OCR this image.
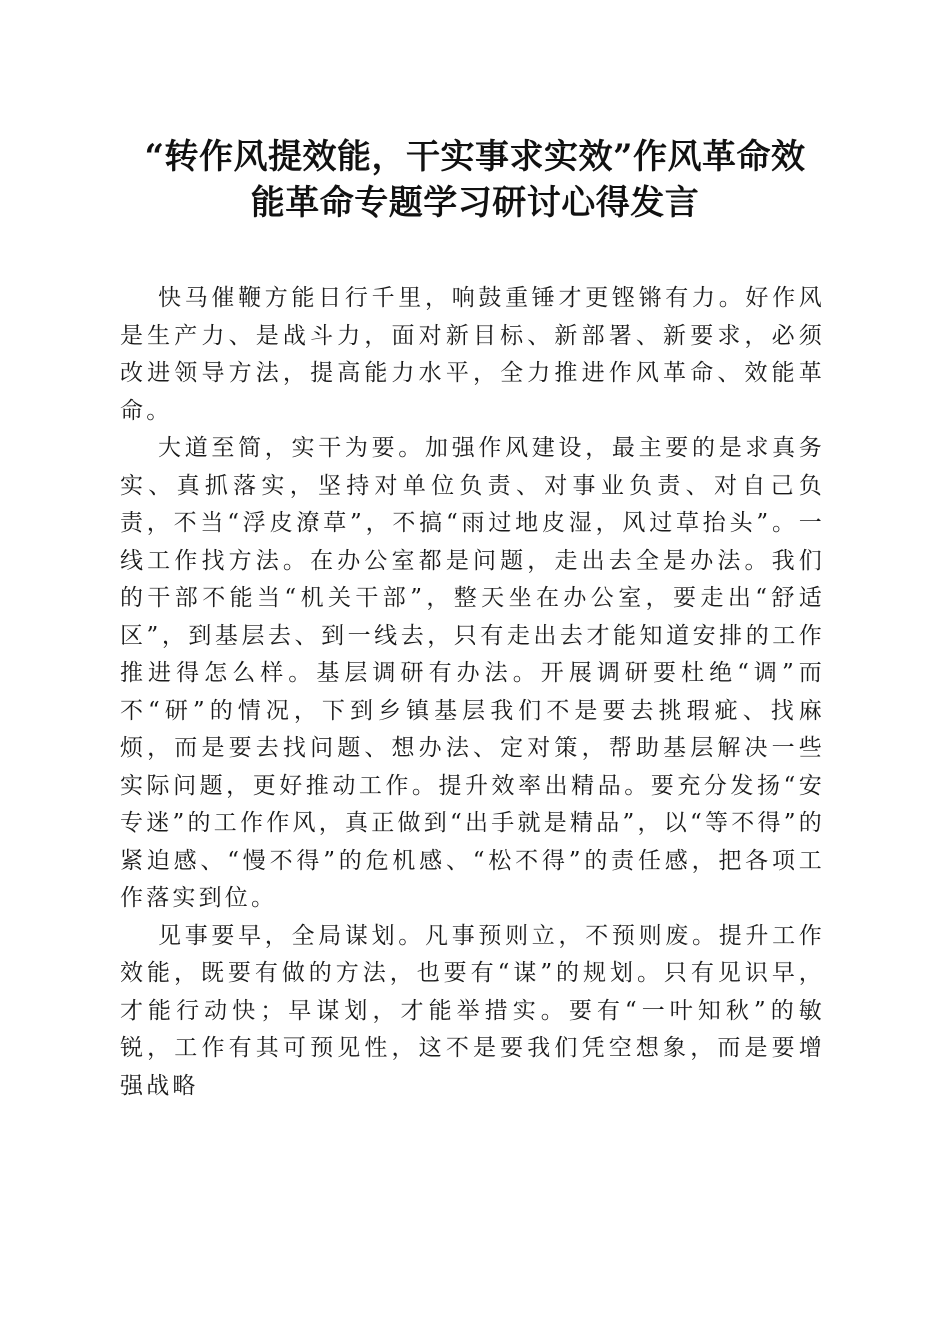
“转作风提效能，干实事求实效”作风革命效
能革命专题学习研讨心得发言

快马催鞭方能日行千里，响鼓重锤才更铿锵有力。好作风是生产力、是战斗力，面对新目标、新部署、新要求，必须改进领导方法，提高能力水平，全力推进作风革命、效能革命。

大道至简，实干为要。加强作风建设，最主要的是求真务实、真抓落实，坚持对单位负责、对事业负责、对自己负责，不当“浮皮潦草”，不搞“雨过地皮湿，风过草抬头”。一线工作找方法。在办公室都是问题，走出去全是办法。我们的干部不能当“机关干部”，整天坐在办公室，要走出“舒适区”，到基层去、到一线去，只有走出去才能知道安排的工作推进得怎么样。基层调研有办法。开展调研要杜绝“调”而不“研”的情况，下到乡镇基层我们不是要去挑瑕疵、找麻烦，而是要去找问题、想办法、定对策，帮助基层解决一些实际问题，更好推动工作。提升效率出精品。要充分发扬“安专迷”的工作作风，真正做到“出手就是精品”，以“等不得”的紧迫感、“慢不得”的危机感、“松不得”的责任感，把各项工作落实到位。

见事要早，全局谋划。凡事预则立，不预则废。提升工作效能，既要有做的方法，也要有“谋”的规划。只有见识早，才能行动快；早谋划，才能举措实。要有“一叶知秋”的敏锐，工作有其可预见性，这不是要我们凭空想象，而是要增强战略
